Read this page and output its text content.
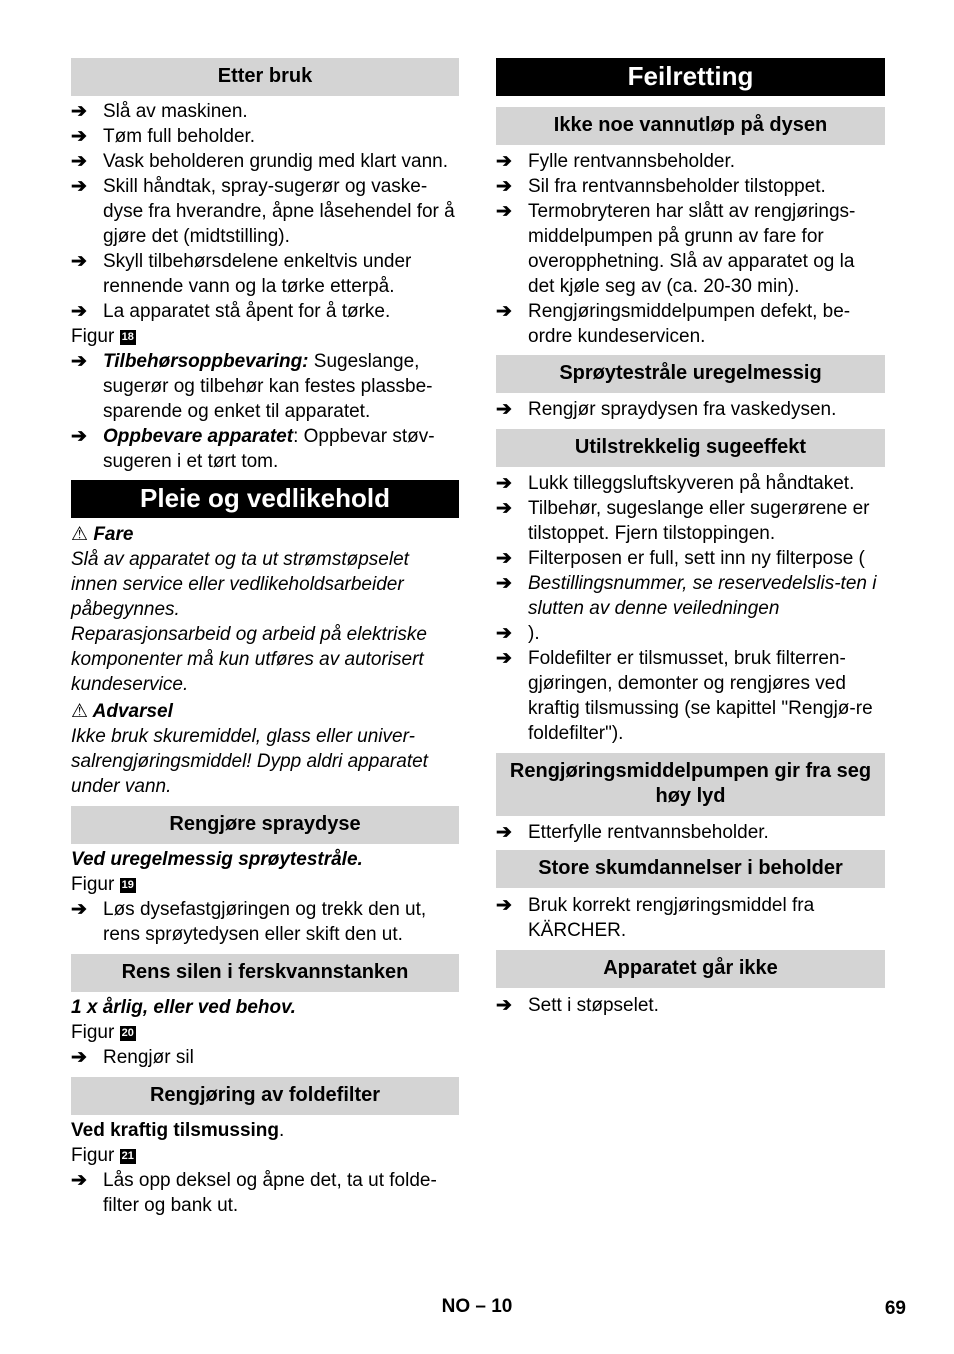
Etter bruk
➔ Slå av maskinen.
➔ Tøm full beholder.
➔ Vask beholderen grundig med klart vann.
➔ Skill håndtak, spray-sugerør og vaske-dyse fra hverandre, åpne låsehendel for å gjøre det (midtstilling).
➔ Skyll tilbehørsdelene enkeltvis under rennende vann og la tørke etterpå.
➔ La apparatet stå åpent for å tørke.

Figur 18

➔ Tilbehørsoppbevaring: Sugeslange, sugerør og tilbehør kan festes plassbe-sparende og enket til apparatet.
➔ Oppbevare apparatet: Oppbevar støv-sugeren i et tørt tom.
Pleie og vedlikehold

⚠ Fare

Slå av apparatet og ta ut strømstøpselet innen service eller vedlikeholdsarbeider påbegynnes.

Reparasjonsarbeid og arbeid på elektriske komponenter må kun utføres av autorisert kundeservice.

⚠ Advarsel

Ikke bruk skuremiddel, glass eller univer-salrengjøringsmiddel! Dypp aldri apparatet under vann.

Rengjøre spraydyse

Ved uregelmessig sprøytestråle.

Figur 19

➔ Løs dysefastgjøringen og trekk den ut, rens sprøytedysen eller skift den ut.
Rens silen i ferskvannstanken

1 x årlig, eller ved behov.

Figur 20

➔ Rengjør sil
Rengjøring av foldefilter

Ved kraftig tilsmussing.

Figur 21

➔ Lås opp deksel og åpne det, ta ut folde-filter og bank ut.
Feilretting
Ikke noe vannutløp på dysen
➔ Fylle rentvannsbeholder.
➔ Sil fra rentvannsbeholder tilstoppet.
➔ Termobryteren har slått av rengjørings-middelpumpen på grunn av fare for overopphetning. Slå av apparatet og la det kjøle seg av (ca. 20-30 min).
➔ Rengjøringsmiddelpumpen defekt, be-ordre kundeservicen.
Sprøytestråle uregelmessig
➔ Rengjør spraydysen fra vaskedysen.
Utilstrekkelig sugeeffekt
➔ Lukk tilleggsluftskyveren på håndtaket.
➔ Tilbehør, sugeslange eller sugerørene er tilstoppet. Fjern tilstoppingen.
➔ Filterposen er full, sett inn ny filterpose (
➔ Bestillingsnummer, se reservedelslis-ten i slutten av denne veiledningen
➔ ).
➔ Foldefilter er tilsmusset, bruk filterren-gjøringen, demonter og rengjøres ved kraftig tilsmussing (se kapittel "Rengjø-re foldefilter").
Rengjøringsmiddelpumpen gir fra seg høy lyd
➔ Etterfylle rentvannsbeholder.
Store skumdannelser i beholder
➔ Bruk korrekt rengjøringsmiddel fra KÄRCHER.
Apparatet går ikke
➔ Sett i støpselet.
NO – 10	69
